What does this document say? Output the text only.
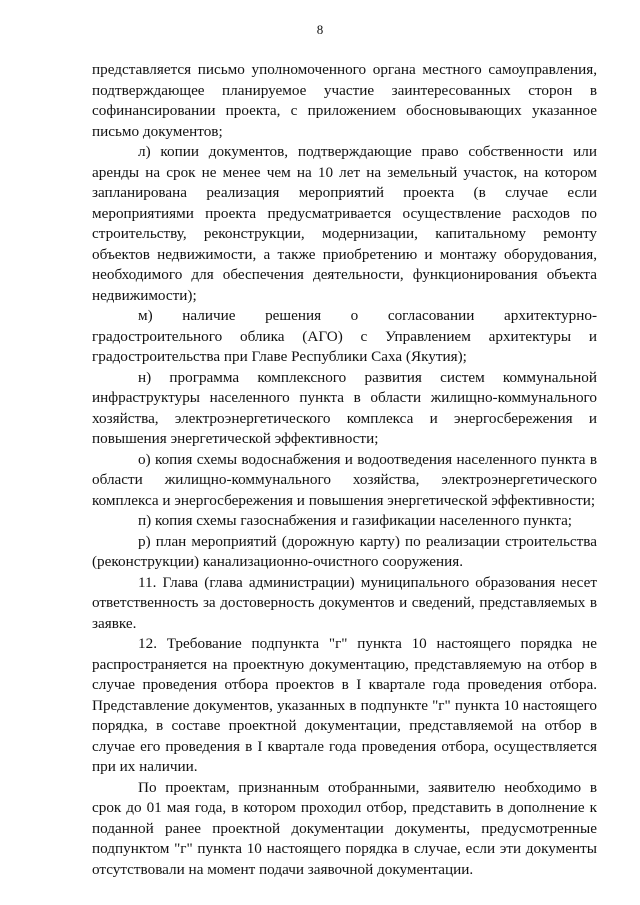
8

представляется письмо уполномоченного органа местного самоуправления, подтверждающее планируемое участие заинтересованных сторон в софинансировании проекта, с приложением обосновывающих указанное письмо документов;

л) копии документов, подтверждающие право собственности или аренды на срок не менее чем на 10 лет на земельный участок, на котором запланирована реализация мероприятий проекта (в случае если мероприятиями проекта предусматривается осуществление расходов по строительству, реконструкции, модернизации, капитальному ремонту объектов недвижимости, а также приобретению и монтажу оборудования, необходимого для обеспечения деятельности, функционирования объекта недвижимости);

м) наличие решения о согласовании архитектурно-градостроительного облика (АГО) с Управлением архитектуры и градостроительства при Главе Республики Саха (Якутия);

н) программа комплексного развития систем коммунальной инфраструктуры населенного пункта в области жилищно-коммунального хозяйства, электроэнергетического комплекса и энергосбережения и повышения энергетической эффективности;

о) копия схемы водоснабжения и водоотведения населенного пункта в области жилищно-коммунального хозяйства, электроэнергетического комплекса и энергосбережения и повышения энергетической эффективности;

п) копия схемы газоснабжения и газификации населенного пункта;

р) план мероприятий (дорожную карту) по реализации строительства (реконструкции) канализационно-очистного сооружения.

11. Глава (глава администрации) муниципального образования несет ответственность за достоверность документов и сведений, представляемых в заявке.

12. Требование подпункта "г" пункта 10 настоящего порядка не распространяется на проектную документацию, представляемую на отбор в случае проведения отбора проектов в I квартале года проведения отбора. Представление документов, указанных в подпункте "г" пункта 10 настоящего порядка, в составе проектной документации, представляемой на отбор в случае его проведения в I квартале года проведения отбора, осуществляется при их наличии.

По проектам, признанным отобранными, заявителю необходимо в срок до 01 мая года, в котором проходил отбор, представить в дополнение к поданной ранее проектной документации документы, предусмотренные подпунктом "г" пункта 10 настоящего порядка в случае, если эти документы отсутствовали на момент подачи заявочной документации.
